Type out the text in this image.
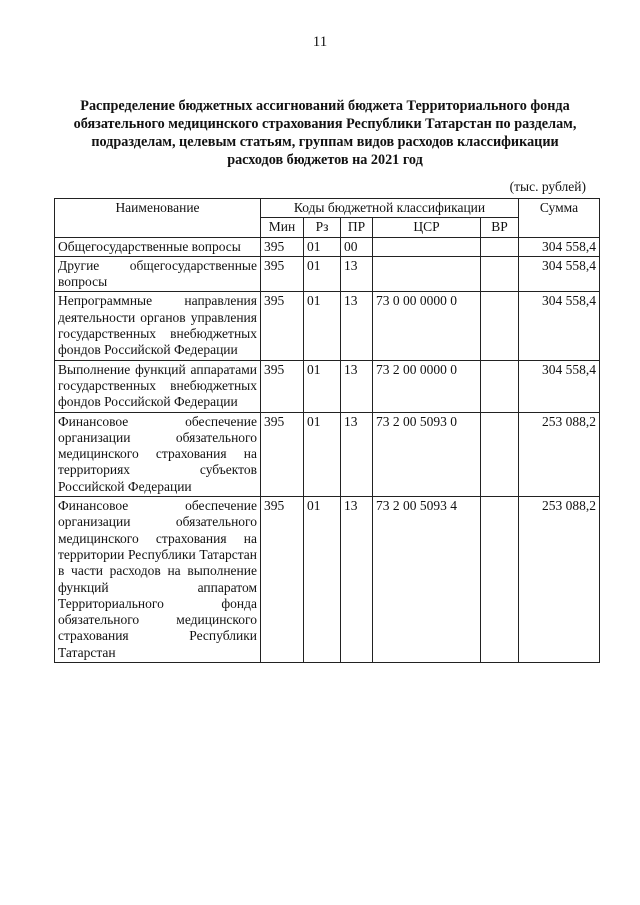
11
Распределение бюджетных ассигнований бюджета Территориального фонда
обязательного медицинского страхования Республики Татарстан по разделам,
подразделам, целевым статьям, группам видов расходов классификации
расходов бюджетов на 2021 год
(тыс. рублей)
Наименование	Коды бюджетной классификации					Сумма
	Мин	Рз	ПР	ЦСР	ВР	
Общегосударственные вопросы	395	01	00			304 558,4
Другие общегосударственные вопросы	395	01	13			304 558,4
Непрограммные направления деятельности органов управления государственных внебюджетных фондов Российской Федерации	395	01	13	73 0 00 0000 0		304 558,4
Выполнение функций аппаратами государственных внебюджетных фондов Российской Федерации	395	01	13	73 2 00 0000 0		304 558,4
Финансовое обеспечение организации обязательного медицинского страхования на территориях субъектов Российской Федерации	395	01	13	73 2 00 5093 0		253 088,2
Финансовое обеспечение организации обязательного медицинского страхования на территории Республики Татарстан в части расходов на выполнение функций аппаратом Территориального фонда обязательного медицинского страхования Республики Татарстан	395	01	13	73 2 00 5093 4		253 088,2
